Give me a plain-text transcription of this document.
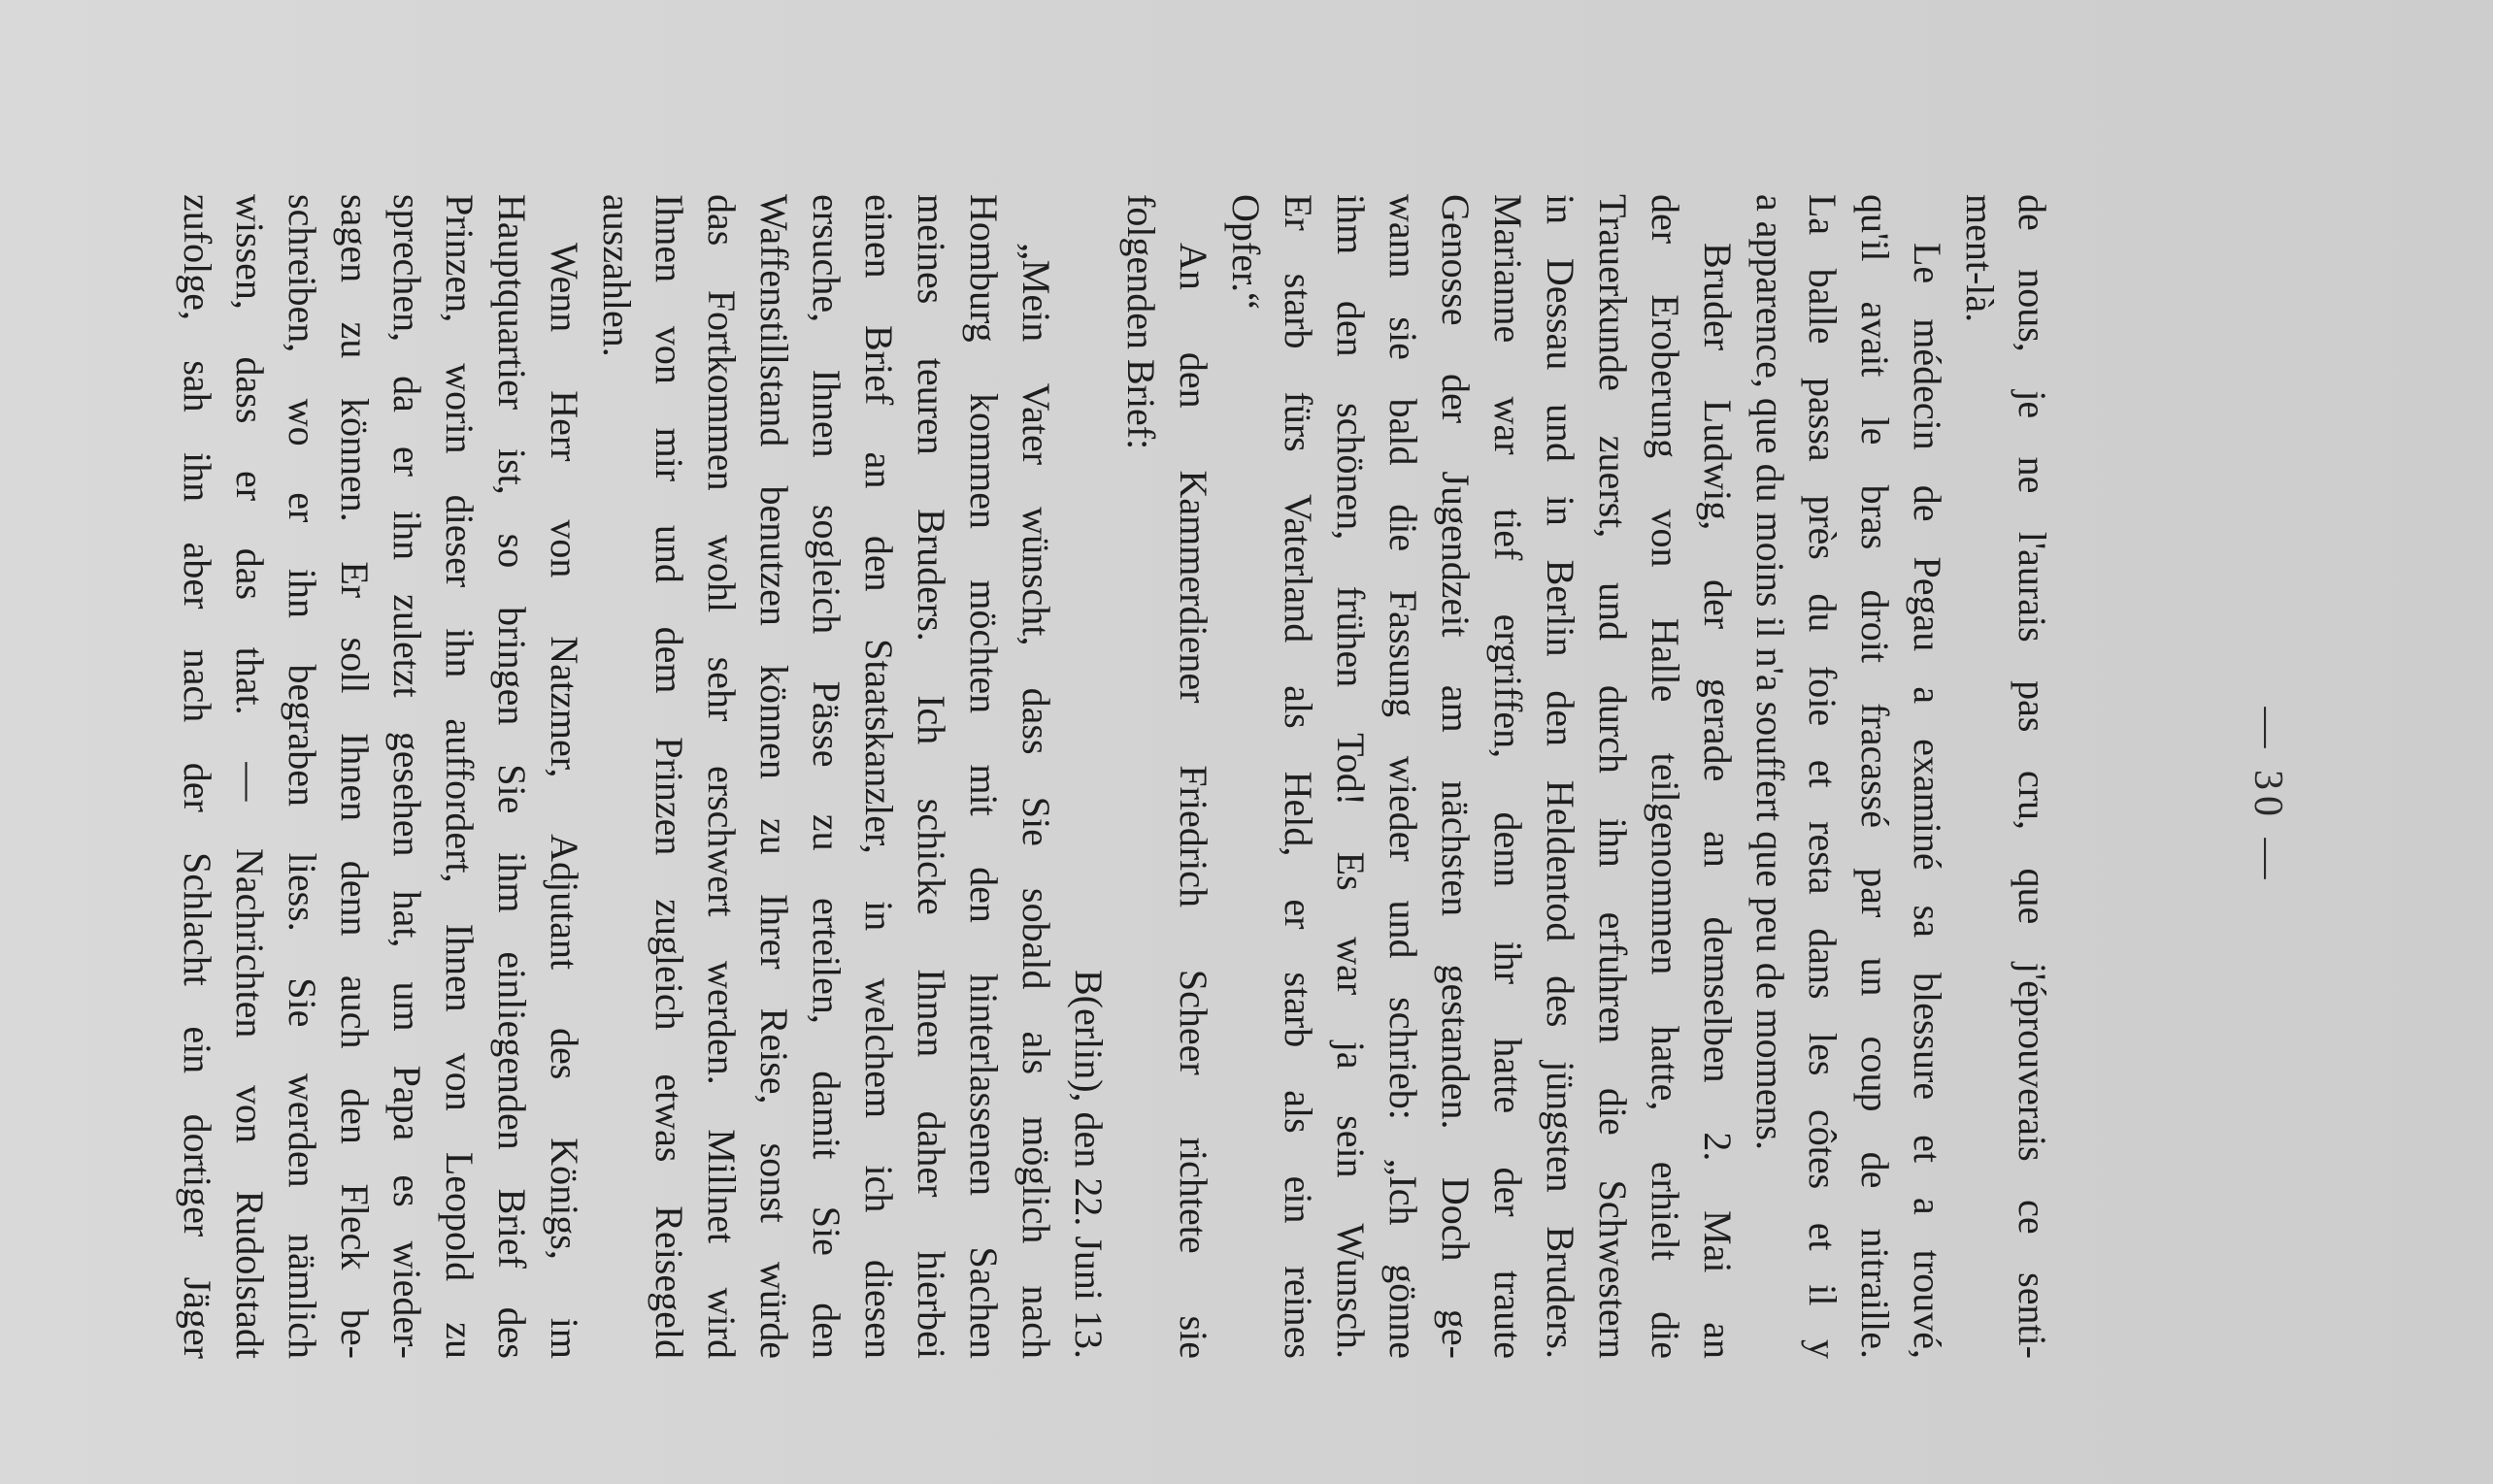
— 30 —
de nous, je ne l'aurais pas cru, que j'éprouverais ce senti-
ment-là.
Le médecin de Pegau a examiné sa blessure et a trouvé,
qu'il avait le bras droit fracassé par un coup de nitraille.
La balle passa près du foie et resta dans les côtes et il y
a apparence, que du moins il n'a souffert que peu de momens.
Bruder Ludwig, der gerade an demselben 2. Mai an
der Eroberung von Halle teilgenommen hatte, erhielt die
Trauerkunde zuerst, und durch ihn erfuhren die Schwestern
in Dessau und in Berlin den Heldentod des jüngsten Bruders.
Marianne war tief ergriffen, denn ihr hatte der traute
Genosse der Jugendzeit am nächsten gestanden. Doch ge-
wann sie bald die Fassung wieder und schrieb: „Ich gönne
ihm den schönen, frühen Tod! Es war ja sein Wunsch.
Er starb fürs Vaterland als Held, er starb als ein reines
Opfer.“
An den Kammerdiener Friedrich Scheer richtete sie
folgenden Brief:
B(erlin), den 22. Juni 13.
„Mein Vater wünscht, dass Sie sobald als möglich nach
Homburg kommen möchten mit den hinterlassenen Sachen
meines teuren Bruders. Ich schicke Ihnen daher hierbei
einen Brief an den Staatskanzler, in welchem ich diesen
ersuche, Ihnen sogleich Pässe zu erteilen, damit Sie den
Waffenstillstand benutzen können zu Ihrer Reise, sonst würde
das Fortkommen wohl sehr erschwert werden. Millnet wird
Ihnen von mir und dem Prinzen zugleich etwas Reisegeld
auszahlen.
Wenn Herr von Natzmer, Adjutant des Königs, im
Hauptquartier ist, so bringen Sie ihm einliegenden Brief des
Prinzen, worin dieser ihn auffordert, Ihnen von Leopold zu
sprechen, da er ihn zuletzt gesehen hat, um Papa es wieder-
sagen zu können. Er soll Ihnen denn auch den Fleck be-
schreiben, wo er ihn begraben liess. Sie werden nämlich
wissen, dass er das that. — Nachrichten von Rudolstadt
zufolge, sah ihn aber nach der Schlacht ein dortiger Jäger
